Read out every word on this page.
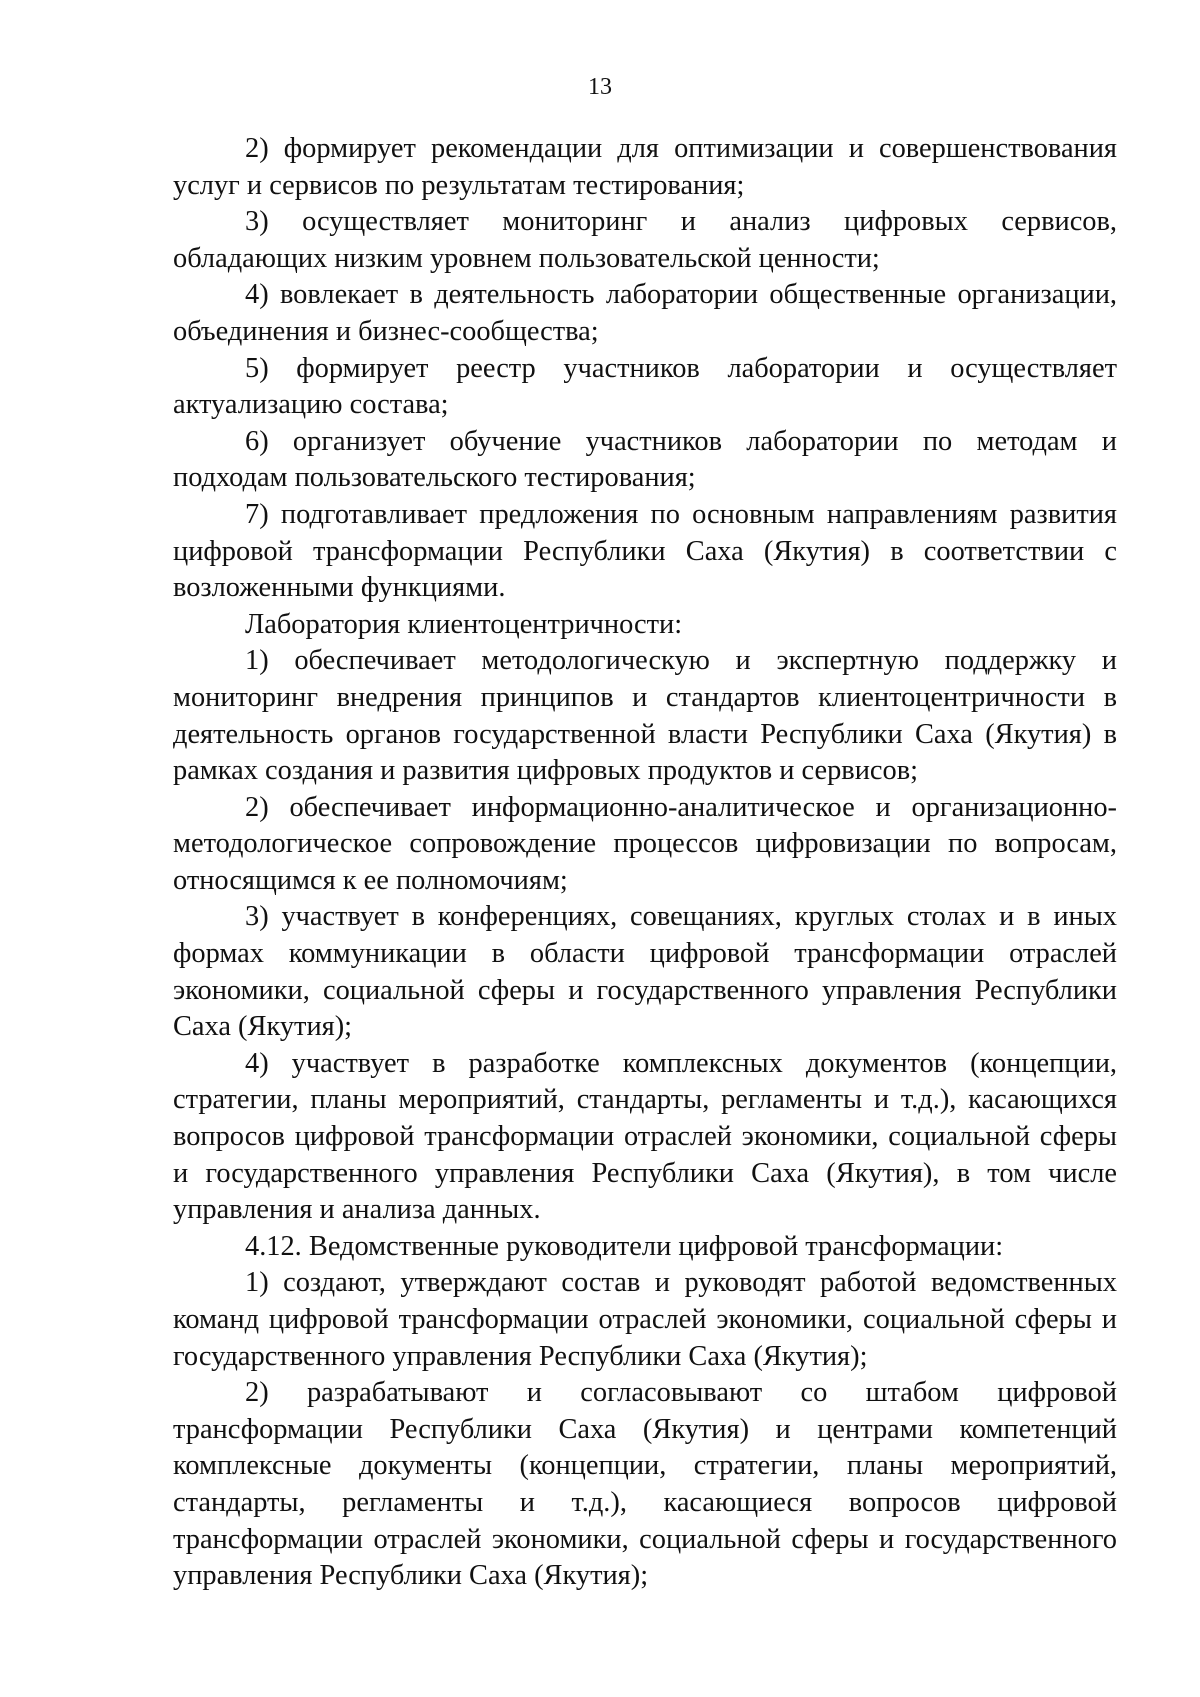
13

2) формирует рекомендации для оптимизации и совершенствования услуг и сервисов по результатам тестирования;

3) осуществляет мониторинг и анализ цифровых сервисов, обладающих низким уровнем пользовательской ценности;

4) вовлекает в деятельность лаборатории общественные организации, объединения и бизнес-сообщества;

5) формирует реестр участников лаборатории и осуществляет актуализацию состава;

6) организует обучение участников лаборатории по методам и подходам пользовательского тестирования;

7) подготавливает предложения по основным направлениям развития цифровой трансформации Республики Саха (Якутия) в соответствии с возложенными функциями.

Лаборатория клиентоцентричности:

1) обеспечивает методологическую и экспертную поддержку и мониторинг внедрения принципов и стандартов клиентоцентричности в деятельность органов государственной власти Республики Саха (Якутия) в рамках создания и развития цифровых продуктов и сервисов;

2) обеспечивает информационно-аналитическое и организационно-методологическое сопровождение процессов цифровизации по вопросам, относящимся к ее полномочиям;

3) участвует в конференциях, совещаниях, круглых столах и в иных формах коммуникации в области цифровой трансформации отраслей экономики, социальной сферы и государственного управления Республики Саха (Якутия);

4) участвует в разработке комплексных документов (концепции, стратегии, планы мероприятий, стандарты, регламенты и т.д.), касающихся вопросов цифровой трансформации отраслей экономики, социальной сферы и государственного управления Республики Саха (Якутия), в том числе управления и анализа данных.

4.12. Ведомственные руководители цифровой трансформации:

1) создают, утверждают состав и руководят работой ведомственных команд цифровой трансформации отраслей экономики, социальной сферы и государственного управления Республики Саха (Якутия);

2) разрабатывают и согласовывают со штабом цифровой трансформации Республики Саха (Якутия) и центрами компетенций комплексные документы (концепции, стратегии, планы мероприятий, стандарты, регламенты и т.д.), касающиеся вопросов цифровой трансформации отраслей экономики, социальной сферы и государственного управления Республики Саха (Якутия);
